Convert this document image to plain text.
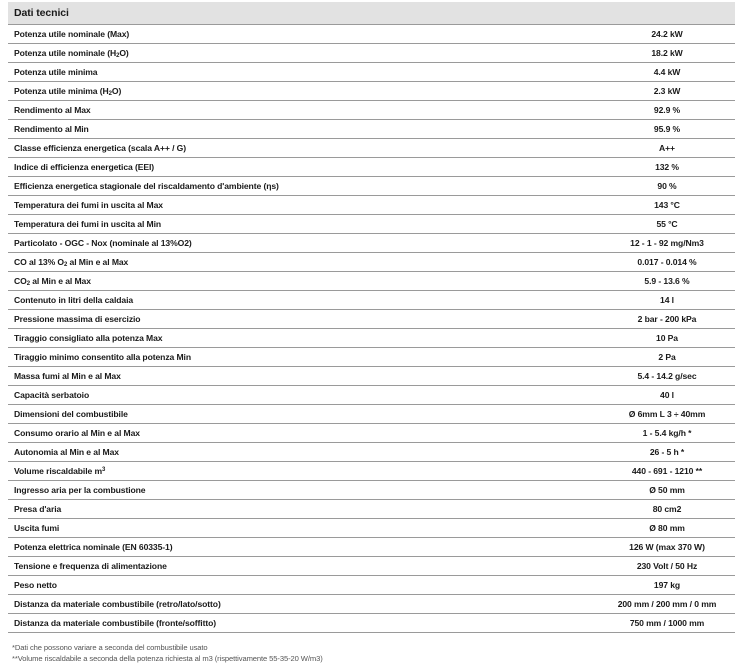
Dati tecnici
Potenza utile nominale (Max)	24.2 kW
Potenza utile nominale $(H_2O)$	18.2 kW
Potenza utile minima	4.4 kW
Potenza utile minima $(H_2O)$	2.3 kW
Rendimento al Max	92.9 %
Rendimento al Min	95.9 %
Classe efficienza energetica (scala A++ / G)	A++
Indice di efficienza energetica (EEI)	132 %
Efficienza energetica stagionale del riscaldamento d'ambiente (ηs)	90 %
Temperatura dei fumi in uscita al Max	143 °C
Temperatura dei fumi in uscita al Min	55 °C
Particolato - OGC - Nox (nominale al 13%O2)	12 - 1 - 92 mg/Nm3
CO al 13% $O_2$ al Min e al Max	0.017 - 0.014 %
$CO_2$ al Min e al Max	5.9 - 13.6 %
Contenuto in litri della caldaia	14 l
Pressione massima di esercizio	2 bar - 200 kPa
Tiraggio consigliato alla potenza Max	10 Pa
Tiraggio minimo consentito alla potenza Min	2 Pa
Massa fumi al Min e al Max	5.4 - 14.2 g/sec
Capacità serbatoio	40 l
Dimensioni del combustibile	Ø 6mm L 3 ÷ 40mm
Consumo orario al Min e al Max	1 - 5.4 kg/h *
Autonomia al Min e al Max	26 - 5 h *
Volume riscaldabile $m^3$	440 - 691 - 1210 **
Ingresso aria per la combustione	Ø 50 mm
Presa d'aria	80 cm2
Uscita fumi	Ø 80 mm
Potenza elettrica nominale (EN 60335-1)	126 W (max 370 W)
Tensione e frequenza di alimentazione	230 Volt / 50 Hz
Peso netto	197 kg
Distanza da materiale combustibile (retro/lato/sotto)	200 mm / 200 mm / 0 mm
Distanza da materiale combustibile (fronte/soffitto)	750 mm / 1000 mm
*Dati che possono variare a seconda del combustibile usato
**Volume riscaldabile a seconda della potenza richiesta al m3 (rispettivamente 55-35-20 W/m3)
